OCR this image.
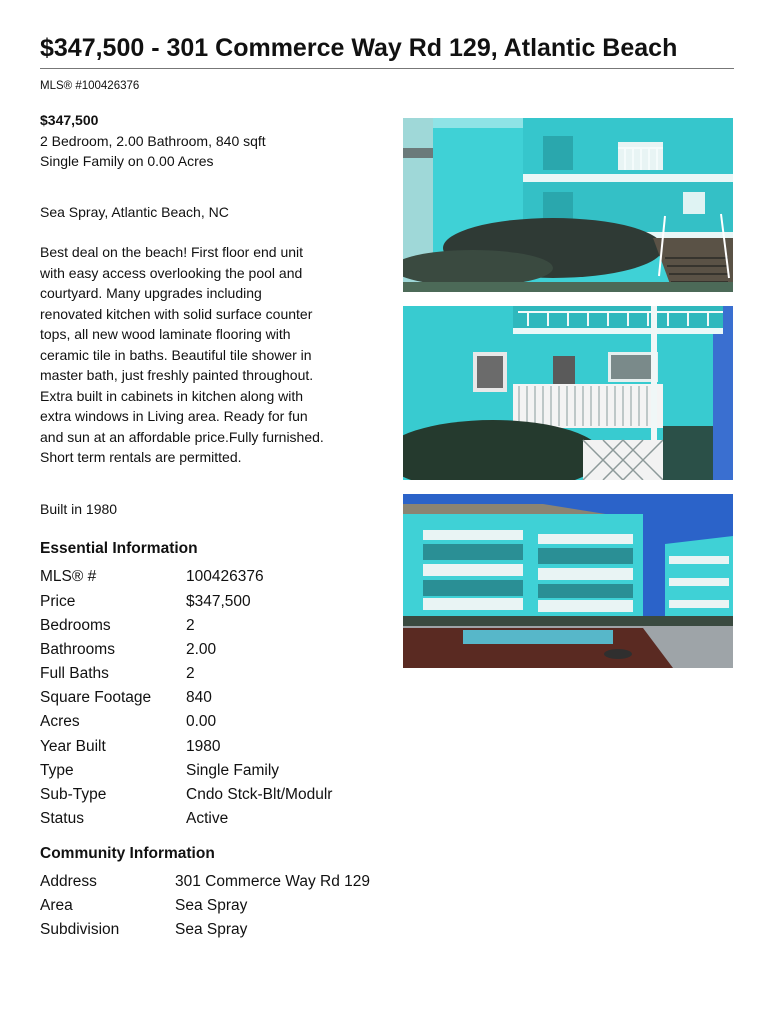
$347,500 - 301 Commerce Way Rd 129, Atlantic Beach
MLS® #100426376
$347,500
2 Bedroom, 2.00 Bathroom, 840 sqft
Single Family on 0.00 Acres
Sea Spray, Atlantic Beach, NC
Best deal on the beach! First floor end unit
with easy access overlooking the pool and
courtyard. Many upgrades including
renovated kitchen with solid surface counter
tops, all new wood laminate flooring with
ceramic tile in baths. Beautiful tile shower in
master bath, just freshly painted throughout.
Extra built in cabinets in kitchen along with
extra windows in Living area. Ready for fun
and sun at an affordable price.Fully furnished.
Short term rentals are permitted.
Built in 1980
Essential Information
MLS® #	100426376
Price	$347,500
Bedrooms	2
Bathrooms	2.00
Full Baths	2
Square Footage	840
Acres	0.00
Year Built	1980
Type	Single Family
Sub-Type	Cndo Stck-Blt/Modulr
Status	Active
Community Information
Address	301 Commerce Way Rd 129
Area	Sea Spray
Subdivision	Sea Spray
